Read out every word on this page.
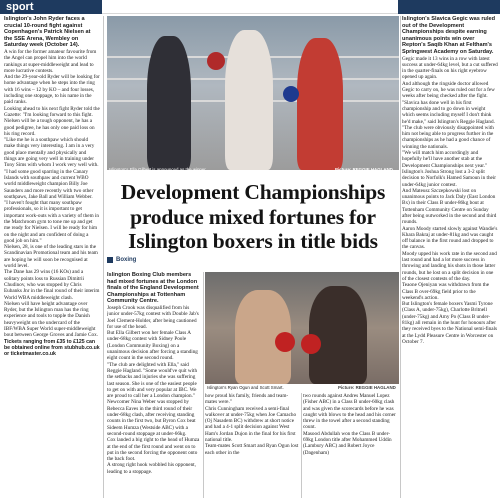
sport

Islington's John Ryder faces a crucial 10-round fight against Copenhagen's Patrick Nielsen at the SSE Arena, Wembley on Saturday week (October 14).

A win for the former amateur favourite from the Angel can propel him into the world rankings at super-middleweight and lead to more lucrative contests.

And the 29-year-old Ryder will be looking for home advantage when he steps into the ring with 16 wins – 12 by KO – and four losses, including one stoppage, to his name in the paid ranks.

Looking ahead to his next fight Ryder told the Gazette: "I'm looking forward to this fight. Nielsen will be a tough opponent, he has a good pedigree, he has only one paid loss on his ring record.

"Like me he is a southpaw which should make things very interesting. I am in a very good place mentally and physically and things are going very well in training under Tony Sims with whom I work very well with.

"I had some good sparring in the Canary Islands with southpaw and current WBO world middleweight champion Billy Joe Saunders and more recently with two other southpaws, Jake Ball and William Webber.

"I haven't fought that many southpaw professionals, so it is important to get important work-outs with a variety of them in the Matchroom gym to tone me up and get me ready for Nielsen. I will be ready for him on the night and am confident of doing a good job on him."

Nielsen, 28, is one of the leading stars in the Scandinavian Promotional team and his team are hoping he will soon be recognised at world level.

The Dane has 29 wins (16 KOs) and a solitary points loss to Russian Dimitrii Chudinov, who was stopped by Chris Eubanks Jnr in the final round of their interim World WBA middleweight clash.

Nielsen will have height advantage over Ryder, but the Islington man has the ring experience and tools to topple the Danish heavyweight on the undercard of the IBF/WBA Super World super-middleweight bout between George Groves and Jamie Cox.

Tickets ranging from £35 to £125 can be obtained online from stubhub.co.uk or ticketmaster.co.uk

Islington's Ella Gilbert is announced as the winner	Picture: REGGIE HAGLAND
Development Championships produce mixed fortunes for Islington boxers in title bids
Boxing

Islington Boxing Club members had mixed fortunes at the London finals of the England Development Championships at Tottenham Community Centre.

Joseph Crook was disqualified from his junior under-57kg contest with Double Jab's Joel Clement-Holder, after being cautioned for use of the head.

But Ella Gilbert won her female Class A under-68kg contest with Sidney Poole (London Community Boxing) on a unanimous decision after forcing a standing eight count in the second round.

"The club are delighted with Ella," said Reggie Hagland. "Some would've quit with the setbacks and injuries she was suffering last season. She is one of the easiest people to get on with and very popular at IBC. We are proud to call her a London champion."

Newcomer Nina Weber was stopped by Rebecca Eaves in the third round of their under-68kg clash, after receiving standing counts in the first two, but Byron Cox beat Sideem Humza (Westside ABC) with a second-round stoppage at under-66kg.

Cox landed a big right to the head of Humza at the end of the first round and went on to put in the second forcing the opponent onto the back foot.

A strong right hook wobbled his opponent, leading to a stoppage.

Islington's Ryan Ogun and Scott Smart.	Picture: REGGIE HAGLAND

how proud his family, friends and team-mates were."

Chris Cunningham received a semi-final walkover at under-75kg when Joe Camacho (Oj Nasadem BC) withdrew at short notice and had a 4-1 split decision against West Ham's Jordan Dujon in the final for his first national title.

Team-mates Scott Smart and Ryan Ogun lost each other in the

two rounds against Andres Manuel Lopez (Fisher ABC) in a Class B under-60kg clash and was given the scorecards before he was caught with blows to the head and his corner threw in the towel after a second standing count.

Masood Abdullah won the Class B under-69kg London title after Mohammed Uddin (Lambury ABC) and Robert Joyce (Dagenham)

Islington's Slavica Gegic was ruled out of the Development Championships despite earning unanimous points win over Repton's Saqib Khan at Feltham's Springwest Academy on Saturday.

Gegic made it 13 wins in a row with latest success at under-64kg level, but a cut suffered in the quarter-finals on his right eyebrow opened up again.

And although the ringside doctor allowed Gegic to carry on, he was ruled out for a few weeks after being checked after the fight.

"Slavica has done well in his first championship and to go down in weight which seems including myself I don't think he'd make," said Islington's Reggie Hagland.

"The club were obviously disappointed with him not being able to progress further in the championships as he had a good chance of winning the nationals.

"We will match him accordingly and hopefully he'll have another stab at the Development Championships next year."

Islington's Joshua Strong lost a 3-2 split decision to Norfolk's Hamed Samoun in their under-64kg junior contest.

And Mateusz Szczepkowski lost on unanimous points to Jack Daly (East London Bx) in their Class B under-86kg bout at Tottenham Community Centre on Sunday after being outworked in the second and third rounds.

Aaron Moody started slowly against Wandie's Khara Bakraj at under-81kg and was caught off balance in the first round and dropped to the canvas.

Moody upped his work rate in the second and last round and had a lot more success in throwing and landing his shots in those latter rounds, but he lost on a split decision in one of the closest contests of the day.

Teaone Ojeniyan was withdrawn from the Class B over-69kg field prior to the weekend's action.

But Islington's female boxers Yasmi Tyrone (Class A, under-75kg), Charlotte Britnell (under-75kg) and Amy Po (Class B under-81kg) all remain in the hunt for honours after they received byes to the National semi-finals at the Lydd Pleasure Centre in Worcester on October 7.
